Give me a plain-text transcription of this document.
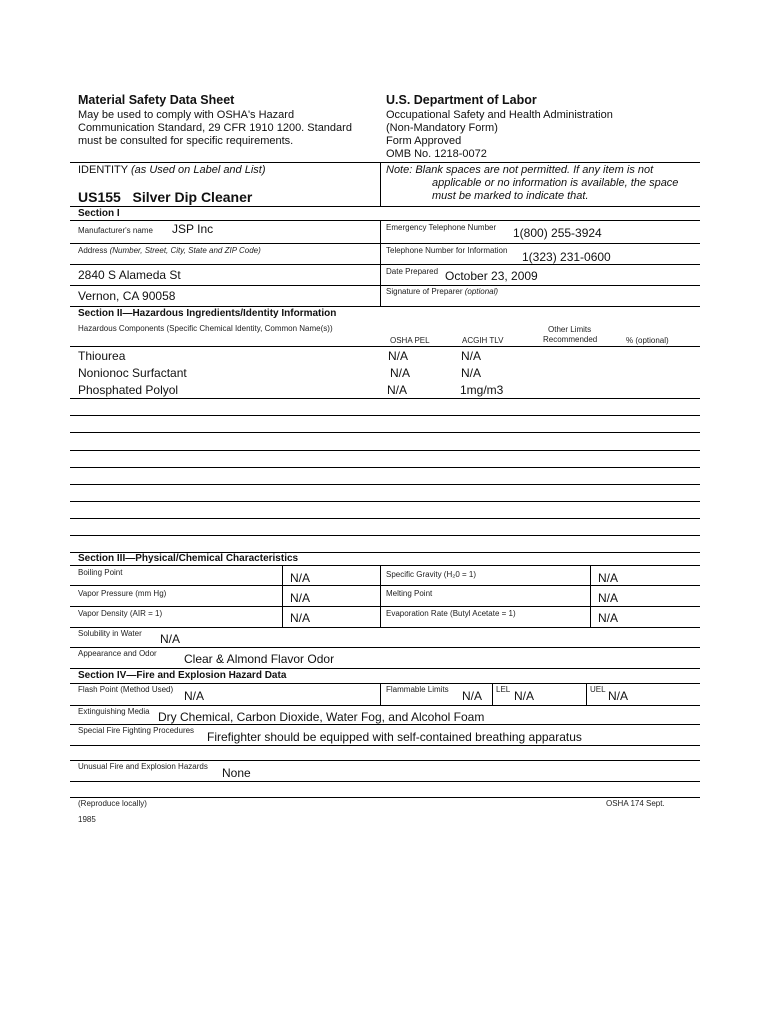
Material Safety Data Sheet
May be used to comply with OSHA's Hazard
Communication Standard, 29 CFR 1910 1200. Standard
must be consulted for specific requirements.
U.S. Department of Labor
Occupational Safety and Health Administration
(Non-Mandatory Form)
Form Approved
OMB No. 1218-0072
IDENTITY (as Used on Label and List)	Note: Blank spaces are not permitted. If any item is not
applicable or no information is available, the space
must be marked to indicate that.
US155   Silver Dip Cleaner
Section I
Manufacturer's name JSP Inc	Emergency Telephone Number 1(800) 255-3924
Address (Number, Street, City, State and ZIP Code)	Telephone Number for Information 1(323) 231-0600
2840 S Alameda St	Date Prepared October 23, 2009
Vernon, CA 90058	Signature of Preparer (optional)
Section II—Hazardous Ingredients/Identity Information
Hazardous Components (Specific Chemical Identity, Common Name(s))
OSHA PEL	ACGIH TLV
Other Limits
Recommended	% (optional)
Thiourea	N/A	N/A
Nonionoc Surfactant	N/A	N/A
Phosphated Polyol	N/A	1mg/m3
Section III—Physical/Chemical Characteristics
Boiling Point	N/A	Specific Gravity (H₂0 = 1)	N/A
Vapor Pressure (mm Hg)	N/A	Melting Point	N/A
Vapor Density (AIR = 1)	N/A	Evaporation Rate (Butyl Acetate = 1)	N/A
Solubility in Water N/A
Appearance and Odor Clear & Almond Flavor Odor
Section IV—Fire and Explosion Hazard Data
Flash Point (Method Used) N/A	Flammable Limits N/A LEL N/A	UEL N/A
Extinguishing Media Dry Chemical, Carbon Dioxide, Water Fog, and Alcohol Foam
Special Fire Fighting Procedures Firefighter should be equipped with self-contained breathing apparatus
Unusual Fire and Explosion Hazards None
(Reproduce locally)	OSHA 174 Sept.
1985
